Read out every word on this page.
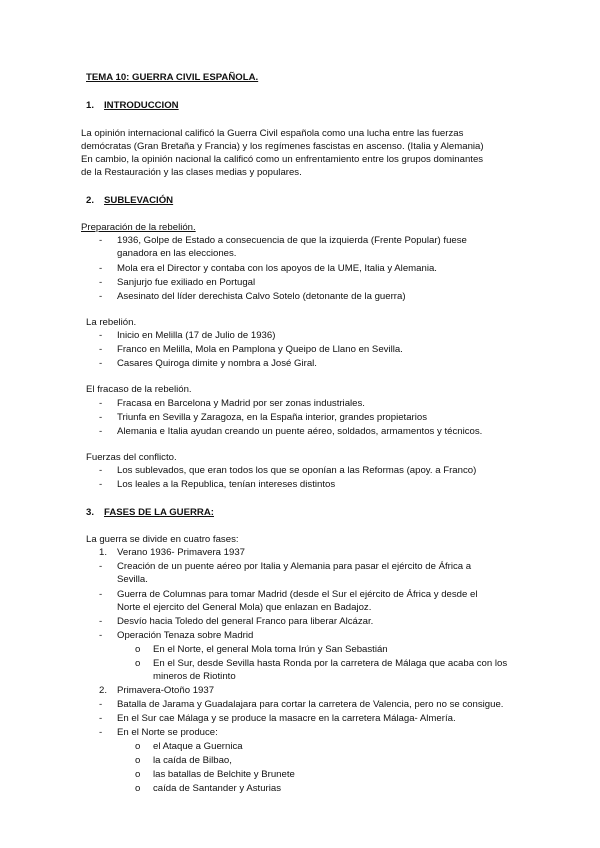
TEMA 10: GUERRA CIVIL ESPAÑOLA.
1. INTRODUCCION
La opinión internacional calificó la Guerra Civil española como una lucha entre las fuerzas
demócratas (Gran Bretaña y Francia) y los regímenes fascistas en ascenso. (Italia y Alemania)
En cambio, la opinión nacional la calificó como un enfrentamiento entre los grupos dominantes
de la Restauración y las clases medias y populares.
2. SUBLEVACIÓN
Preparación de la rebelión.
- 1936, Golpe de Estado a consecuencia de que la izquierda (Frente Popular) fuese
ganadora en las elecciones.
- Mola era el Director y contaba con los apoyos de la UME, Italia y Alemania.
- Sanjurjo fue exiliado en Portugal
- Asesinato del líder derechista Calvo Sotelo (detonante de la guerra)
La rebelión.
- Inicio en Melilla (17 de Julio de 1936)
- Franco en Melilla, Mola en Pamplona y Queipo de Llano en Sevilla.
- Casares Quiroga dimite y nombra a José Giral.
El fracaso de la rebelión.
- Fracasa en Barcelona y Madrid por ser zonas industriales.
- Triunfa en Sevilla y Zaragoza, en la España interior, grandes propietarios
- Alemania e Italia ayudan creando un puente aéreo, soldados, armamentos y técnicos.
Fuerzas del conflicto.
- Los sublevados, que eran todos los que se oponían a las Reformas (apoy. a Franco)
- Los leales a la Republica, tenían intereses distintos
3. FASES DE LA GUERRA:
La guerra se divide en cuatro fases:
1. Verano 1936- Primavera 1937
- Creación de un puente aéreo por Italia y Alemania para pasar el ejército de África a
Sevilla.
- Guerra de Columnas para tomar Madrid (desde el Sur el ejército de África y desde el
Norte el ejercito del General Mola) que enlazan en Badajoz.
- Desvío hacia Toledo del general Franco para liberar Alcázar.
- Operación Tenaza sobre Madrid
o En el Norte, el general Mola toma Irún y San Sebastián
o En el Sur, desde Sevilla hasta Ronda por la carretera de Málaga que acaba con los
mineros de Riotinto
2. Primavera-Otoño 1937
- Batalla de Jarama y Guadalajara para cortar la carretera de Valencia, pero no se consigue.
- En el Sur cae Málaga y se produce la masacre en la carretera Málaga- Almería.
- En el Norte se produce:
o el Ataque a Guernica
o la caída de Bilbao,
o las batallas de Belchite y Brunete
o caída de Santander y Asturias
